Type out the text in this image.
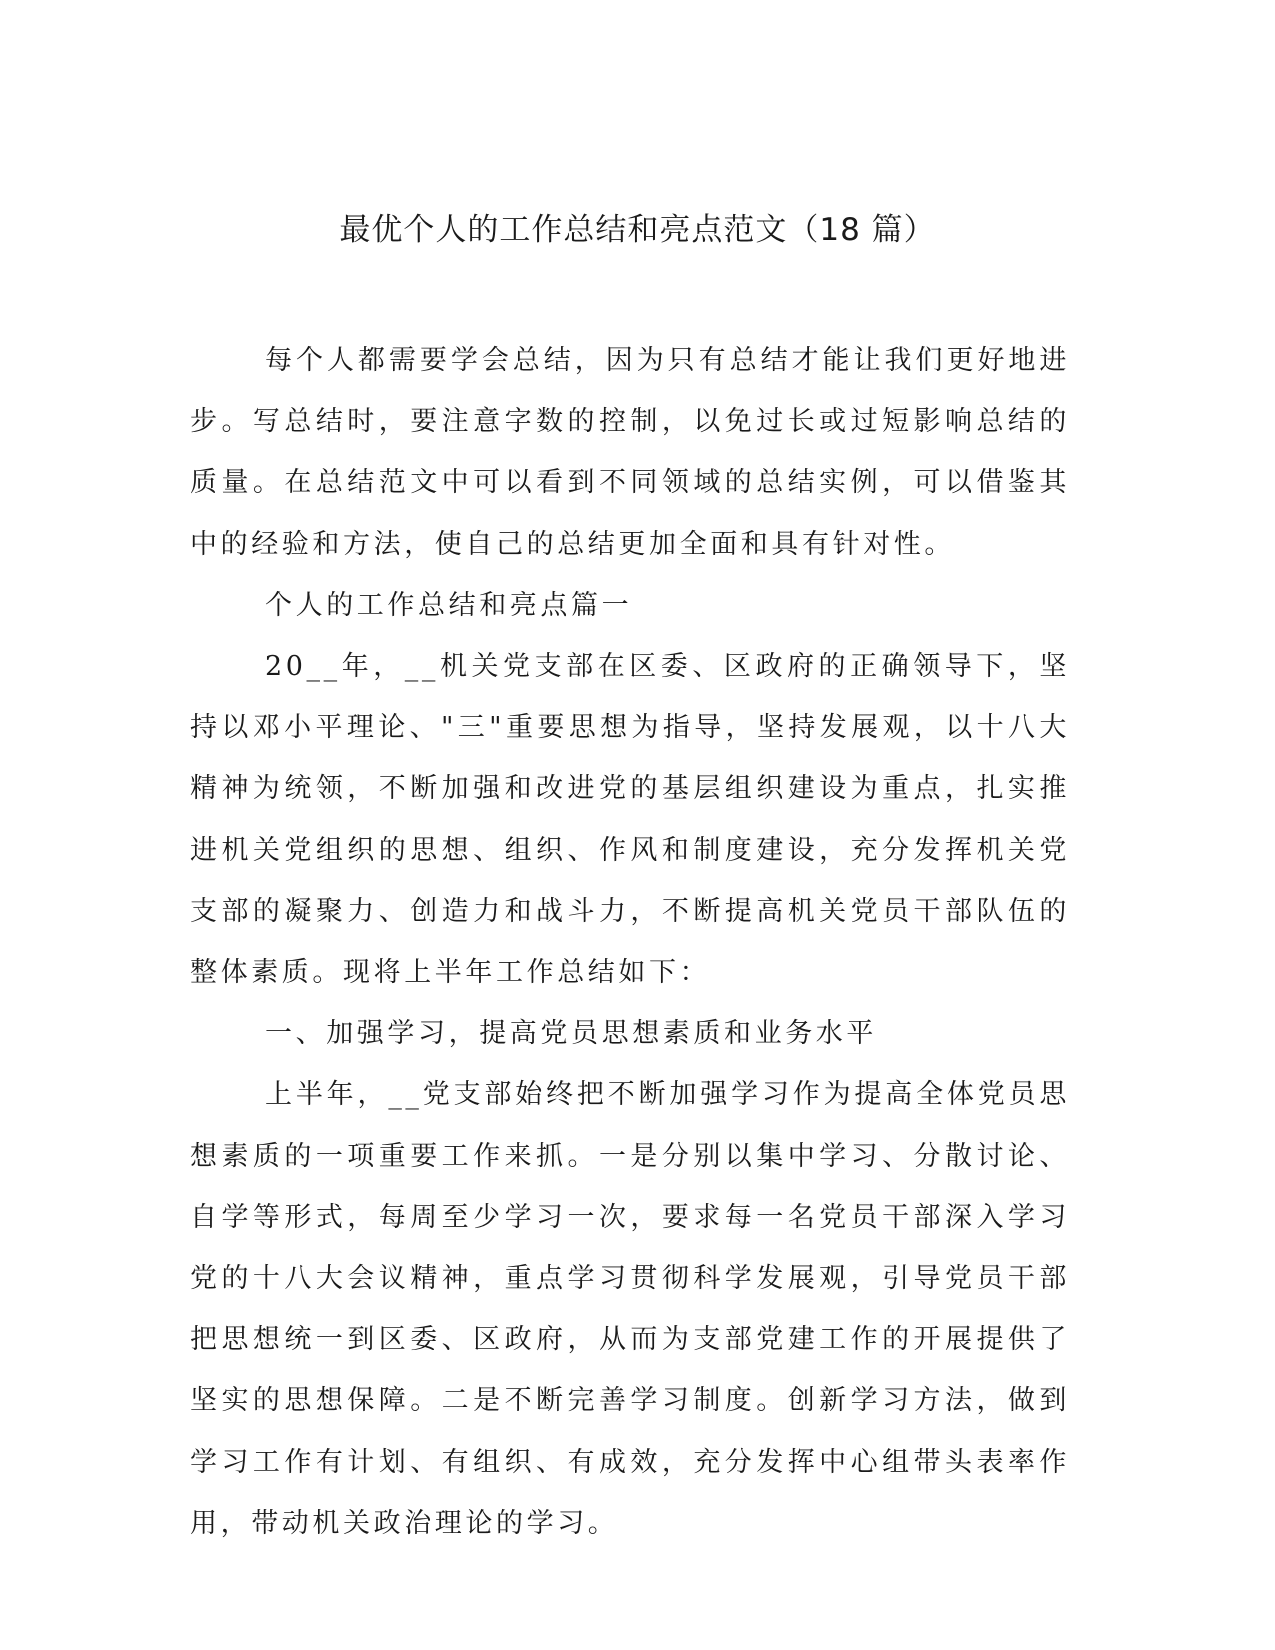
最优个人的工作总结和亮点范文（18 篇）

每个人都需要学会总结，因为只有总结才能让我们更好地进步。写总结时，要注意字数的控制，以免过长或过短影响总结的质量。在总结范文中可以看到不同领域的总结实例，可以借鉴其中的经验和方法，使自己的总结更加全面和具有针对性。

个人的工作总结和亮点篇一

20__年，__机关党支部在区委、区政府的正确领导下，坚持以邓小平理论、"三"重要思想为指导，坚持发展观，以十八大精神为统领，不断加强和改进党的基层组织建设为重点，扎实推进机关党组织的思想、组织、作风和制度建设，充分发挥机关党支部的凝聚力、创造力和战斗力，不断提高机关党员干部队伍的整体素质。现将上半年工作总结如下：

一、加强学习，提高党员思想素质和业务水平

上半年，__党支部始终把不断加强学习作为提高全体党员思想素质的一项重要工作来抓。一是分别以集中学习、分散讨论、自学等形式，每周至少学习一次，要求每一名党员干部深入学习党的十八大会议精神，重点学习贯彻科学发展观，引导党员干部把思想统一到区委、区政府，从而为支部党建工作的开展提供了坚实的思想保障。二是不断完善学习制度。创新学习方法，做到学习工作有计划、有组织、有成效，充分发挥中心组带头表率作用，带动机关政治理论的学习。
